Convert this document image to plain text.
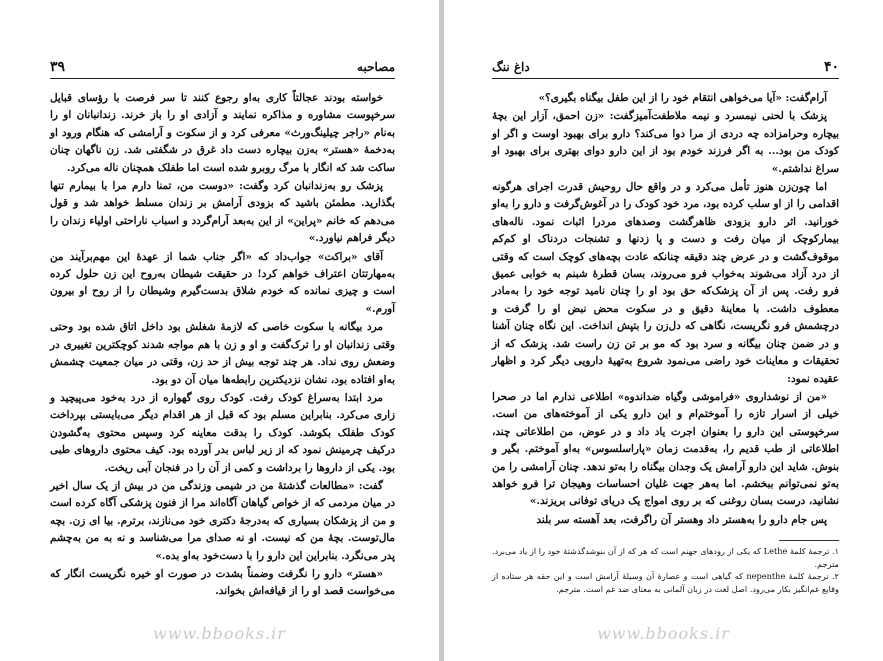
۳۹	مصاحبه

خواسته بودند عجالتاً کاری به‌او رجوع کنند تا سر فرصت با رؤسای قبایل سرخپوست مشاوره و مذاکره نمایند و آزادی او را باز خرند. زندانبانان او را به‌نام «راجر چیلینگ‌ورث» معرفی کرد و از سکوت و آرامشی که هنگام ورود او به‌دخمهٔ «هستر» به‌زن بیچاره دست داد غرق در شگفتی شد. زن ناگهان چنان ساکت شد که انگار با مرگ روبرو شده است اما طفلک همچنان ناله می‌کرد.

پزشک رو به‌زندانبان کرد وگفت: «دوست من، تمنا دارم مرا با بیمارم تنها بگذارید. مطمئن باشید که بزودی آرامش بر زندان مسلط خواهد شد و قول می‌دهم که خانم «پراین» از این به‌بعد آرام‌گردد و اسباب ناراحتی اولیاء زندان را دیگر فراهم نیاورد.»

آقای «براکت» جواب‌داد که «اگر جناب شما از عهدهٔ این مهم‌برآیند من به‌مهارتتان اعتراف خواهم کرد! در حقیقت شیطان به‌روح این زن حلول کرده است و چیزی نمانده که خودم شلاق بدست‌گیرم وشیطان را از روح او بیرون آورم.»

مرد بیگانه با سکوت خاصی که لازمهٔ شغلش بود داخل اتاق شده بود وحتی وقتی زندانبان او را ترک‌گفت و او و زن با هم مواجه شدند کوچکترین تغییری در وضعش روی نداد. هر چند توجه بیش از حد زن، وقتی در میان جمعیت چشمش به‌او افتاده بود، نشان نزدیکترین رابطه‌ها میان آن دو بود.

مرد ابتدا به‌سراغ کودک رفت. کودک روی گهواره از درد به‌خود می‌پیچید و زاری می‌کرد. بنابراین مسلم بود که قبل از هر اقدام دیگر می‌بایستی بپرداخت کودک طفلک بکوشد. کودک را بدقت معاینه کرد وسپس محتوی به‌گشودن درکیف چرمینش نمود که از زیر لباس بدر آورده بود. کیف محتوی داروهای طبی بود. یکی از داروها را برداشت و کمی از آن را در فنجان آبی ریخت.

گفت: «مطالعات گذشتهٔ من در شیمی وزندگی من در بیش از یک سال اخیر در میان مردمی که از خواص گیاهان آگاه‌اند مرا از فنون پزشکی آگاه کرده است و من از پزشکان بسیاری که به‌درجهٔ دکتری خود می‌نازند، برترم. بیا ای زن. بچه مال‌توست. بچهٔ من که نیست. او نه صدای مرا می‌شناسد و نه به من به‌چشم پدر می‌نگرد. بنابراین این دارو را با دست‌خود به‌او بده.»

«هستر» دارو را نگرفت وضمناً بشدت در صورت او خیره نگریست انگار که می‌خواست قصد او را از قیافه‌اش بخواند.

www.bbooks.ir
۴۰
داغ ننگ

آرام‌گفت: «آیا می‌خواهی انتقام خود را از این طفل بیگناه بگیری؟»

پزشک با لحنی نیمسرد و نیمه ملاطفت‌آمیزگفت: «زن احمق، آزار این بچهٔ بیچاره وحرامزاده چه دردی از مرا دوا می‌کند؟ دارو برای بهبود اوست و اگر او کودک من بود... به اگر فرزند خودم بود از این دارو دوای بهتری برای بهبود او سراغ نداشتم.»

اما چون‌زن هنوز تأمل می‌کرد و در واقع حال روحیش قدرت اجرای هرگونه اقدامی را از او سلب کرده بود، مرد خود کودک را در آغوش‌گرفت و دارو را به‌او خورانید. اثر دارو بزودی ظاهرگشت وصدهای مردرا اثبات نمود. ناله‌های بیمارکوچک از میان رفت و دست و پا زدنها و تشنجات دردناک او کم‌کم موقوف‌گشت و در عرض چند دقیقه چنانکه عادت بچه‌های کوچک است که وقتی از درد آزاد می‌شوند به‌خواب فرو می‌روند، بسان قطرهٔ شبنم به خوابی عمیق فرو رفت. پس از آن پزشک‌که حق بود او را چنان نامید توجه خود را به‌مادر معطوف داشت. با معاینهٔ دقیق و در سکوت محض نبض او را گرفت و درچشمش فرو نگریست، نگاهی که دل‌زن را بتپش انداخت. این نگاه چنان آشنا و در ضمن چنان بیگانه و سرد بود که مو بر تن زن راست شد. پزشک که از تحقیقات و معاینات خود راضی می‌نمود شروع به‌تهیهٔ دارویی دیگر کرد و اظهار عقیده نمود:

«من از نوشداروی «فراموشی وگیاه ضداندوه» اطلاعی ندارم اما در صحرا خیلی از اسرار تازه را آموختم‌ام و این دارو یکی از آموخته‌های من است. سرخپوستی این دارو را بعنوان اجرت یاد داد و در عوض، من اطلاعاتی چند، اطلاعاتی از طب قدیم را، به‌قدمت زمان «پاراسلسوس» به‌او آموختم. بگیر و بنوش. شاید این دارو آرامش یک وجدان بیگناه را به‌تو ندهد. چنان آرامشی را من به‌تو نمی‌توانم ببخشم. اما به‌هر جهت غلیان احساسات وهیجان ترا فرو خواهد نشانید، درست بسان روغنی که بر روی امواج یک دریای توفانی بریزند.»

پس جام دارو را به‌هستر داد وهستر آن راگرفت، بعد آهسته سر بلند

۱. ترجمهٔ کلمهٔ Lethe که یکی از رودهای جهنم است که هر که از آن بنوشدگذشتهٔ خود را از یاد می‌برد. مترجم.

۲. ترجمهٔ کلمهٔ nepenthe که گیاهی است و عصارهٔ آن وسیلهٔ آرامش است و این حقه هر ستاده از وقایع غم‌انگیز بکار می‌رود. اصل لغت در زبان آلمانی به معنای ضد غم است. مترجم.

www.bbooks.ir
